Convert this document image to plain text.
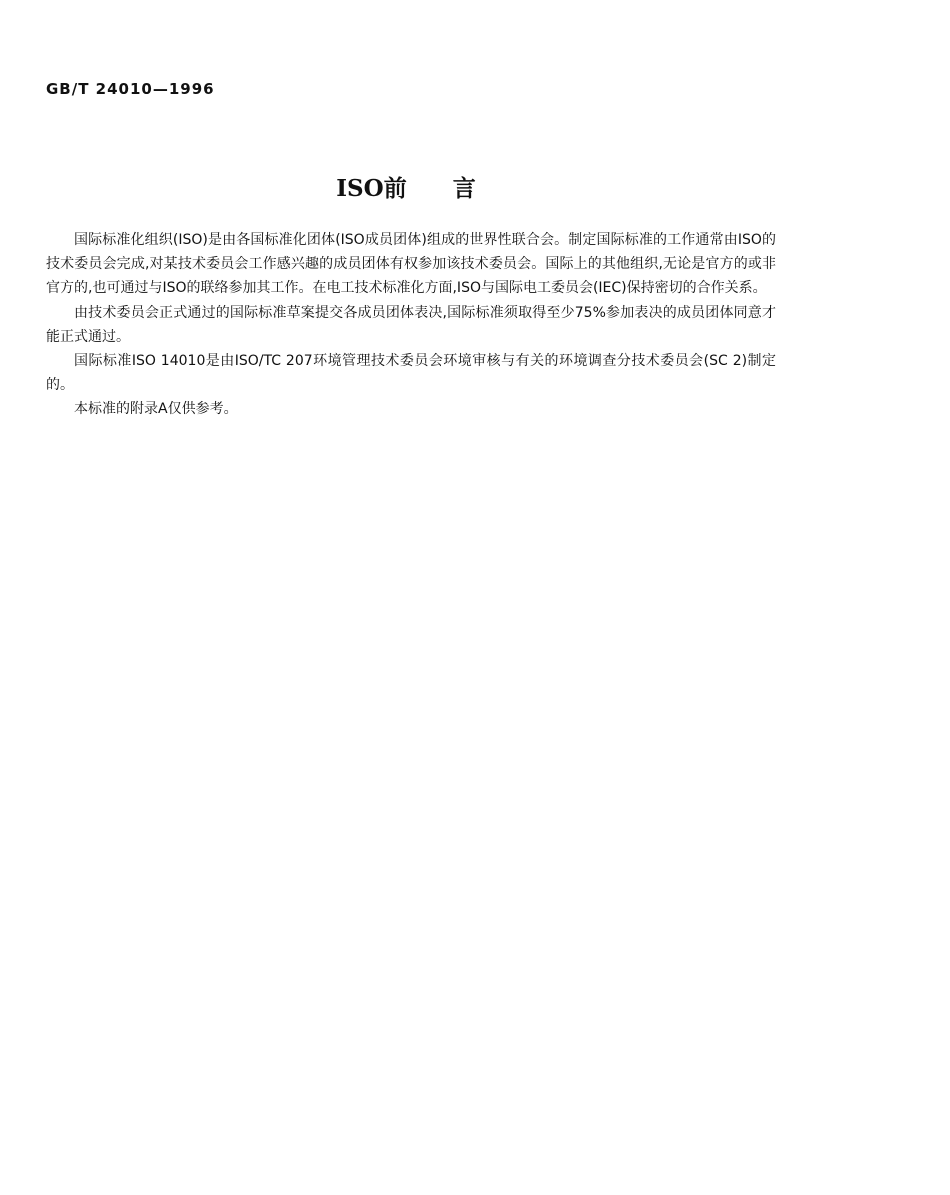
GB/T 24010—1996
ISO前 言

国际标准化组织(ISO)是由各国标准化团体(ISO成员团体)组成的世界性联合会。制定国际标准的工作通常由ISO的技术委员会完成,对某技术委员会工作感兴趣的成员团体有权参加该技术委员会。国际上的其他组织,无论是官方的或非官方的,也可通过与ISO的联络参加其工作。在电工技术标准化方面,ISO与国际电工委员会(IEC)保持密切的合作关系。

由技术委员会正式通过的国际标准草案提交各成员团体表决,国际标准须取得至少75%参加表决的成员团体同意才能正式通过。

国际标准ISO 14010是由ISO/TC 207环境管理技术委员会环境审核与有关的环境调查分技术委员会(SC 2)制定的。

本标准的附录A仅供参考。
